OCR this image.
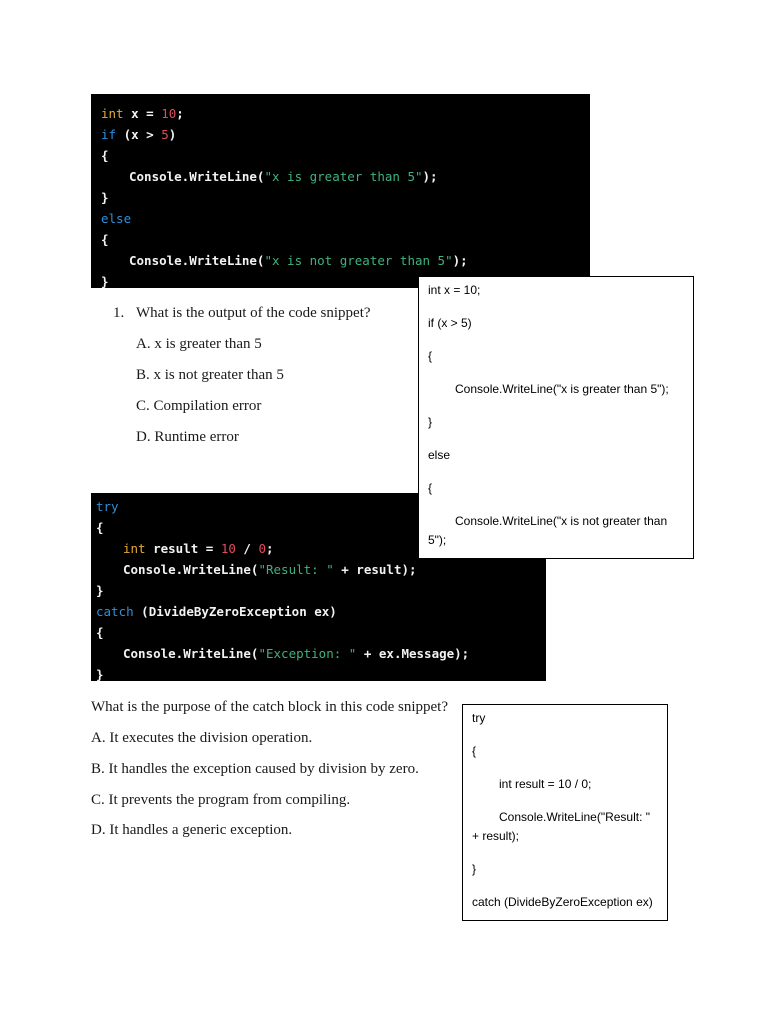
int x = 10;
if (x > 5)
{
Console.WriteLine("x is greater than 5");
}
else
{
Console.WriteLine("x is not greater than 5");
}
1. What is the output of the code snippet?
A. x is greater than 5
B. x is not greater than 5
C. Compilation error
D. Runtime error
try
{
int result = 10 / 0;
Console.WriteLine("Result: " + result);
}
catch (DivideByZeroException ex)
{
Console.WriteLine("Exception: " + ex.Message);
}
int x = 10;
if (x > 5)
{
Console.WriteLine("x is greater than 5");
}
else
{
Console.WriteLine("x is not greater than
5");
What is the purpose of the catch block in this code snippet?
A. It executes the division operation.
B. It handles the exception caused by division by zero.
C. It prevents the program from compiling.
D. It handles a generic exception.
try
{
int result = 10 / 0;
Console.WriteLine("Result: "
+ result);
}
catch (DivideByZeroException ex)
